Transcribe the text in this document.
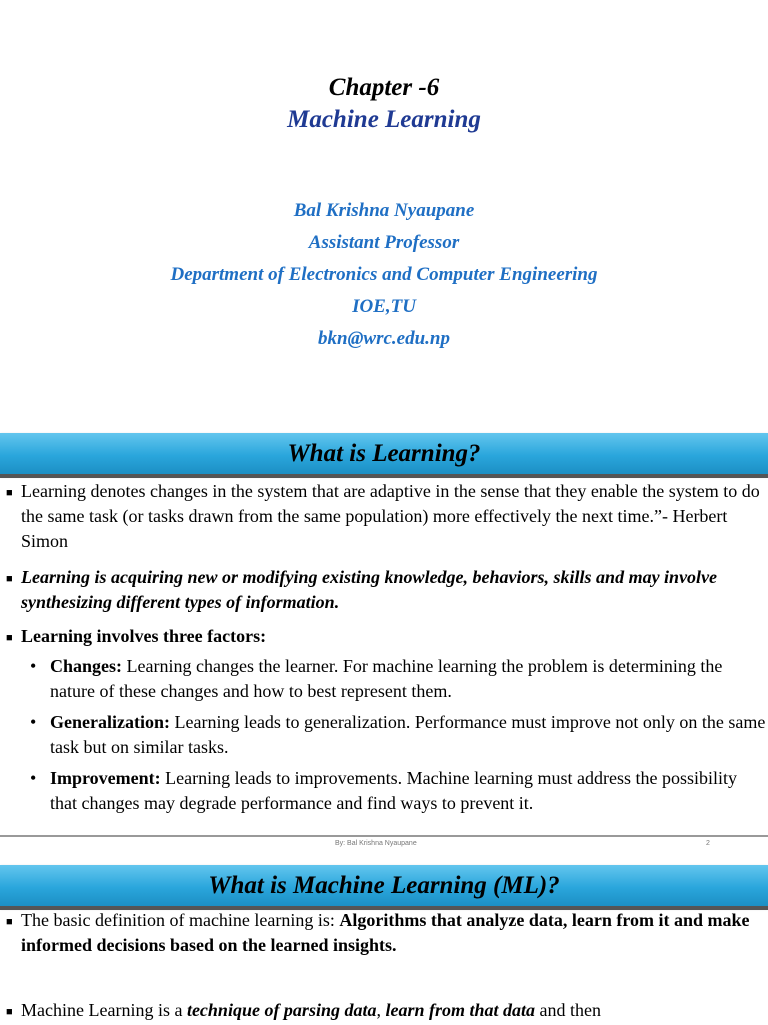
Chapter -6
Machine Learning
Bal Krishna Nyaupane
Assistant Professor
Department of Electronics and Computer Engineering
IOE,TU
bkn@wrc.edu.np
What is Learning?
■ Learning denotes changes in the system that are adaptive in the sense that they enable the system to do the same task (or tasks drawn from the same population) more effectively the next time.”- Herbert Simon
■ Learning is acquiring new or modifying existing knowledge, behaviors, skills and may involve synthesizing different types of information.
■ Learning involves three factors:
• Changes: Learning changes the learner. For machine learning the problem is determining the nature of these changes and how to best represent them.
• Generalization: Learning leads to generalization. Performance must improve not only on the same task but on similar tasks.
• Improvement: Learning leads to improvements. Machine learning must address the possibility that changes may degrade performance and find ways to prevent it.
By: Bal Krishna Nyaupane	2
What is Machine Learning (ML)?
■ The basic definition of machine learning is: Algorithms that analyze data, learn from it and make informed decisions based on the learned insights.
■ Machine Learning is a technique of parsing data, learn from that data and then
